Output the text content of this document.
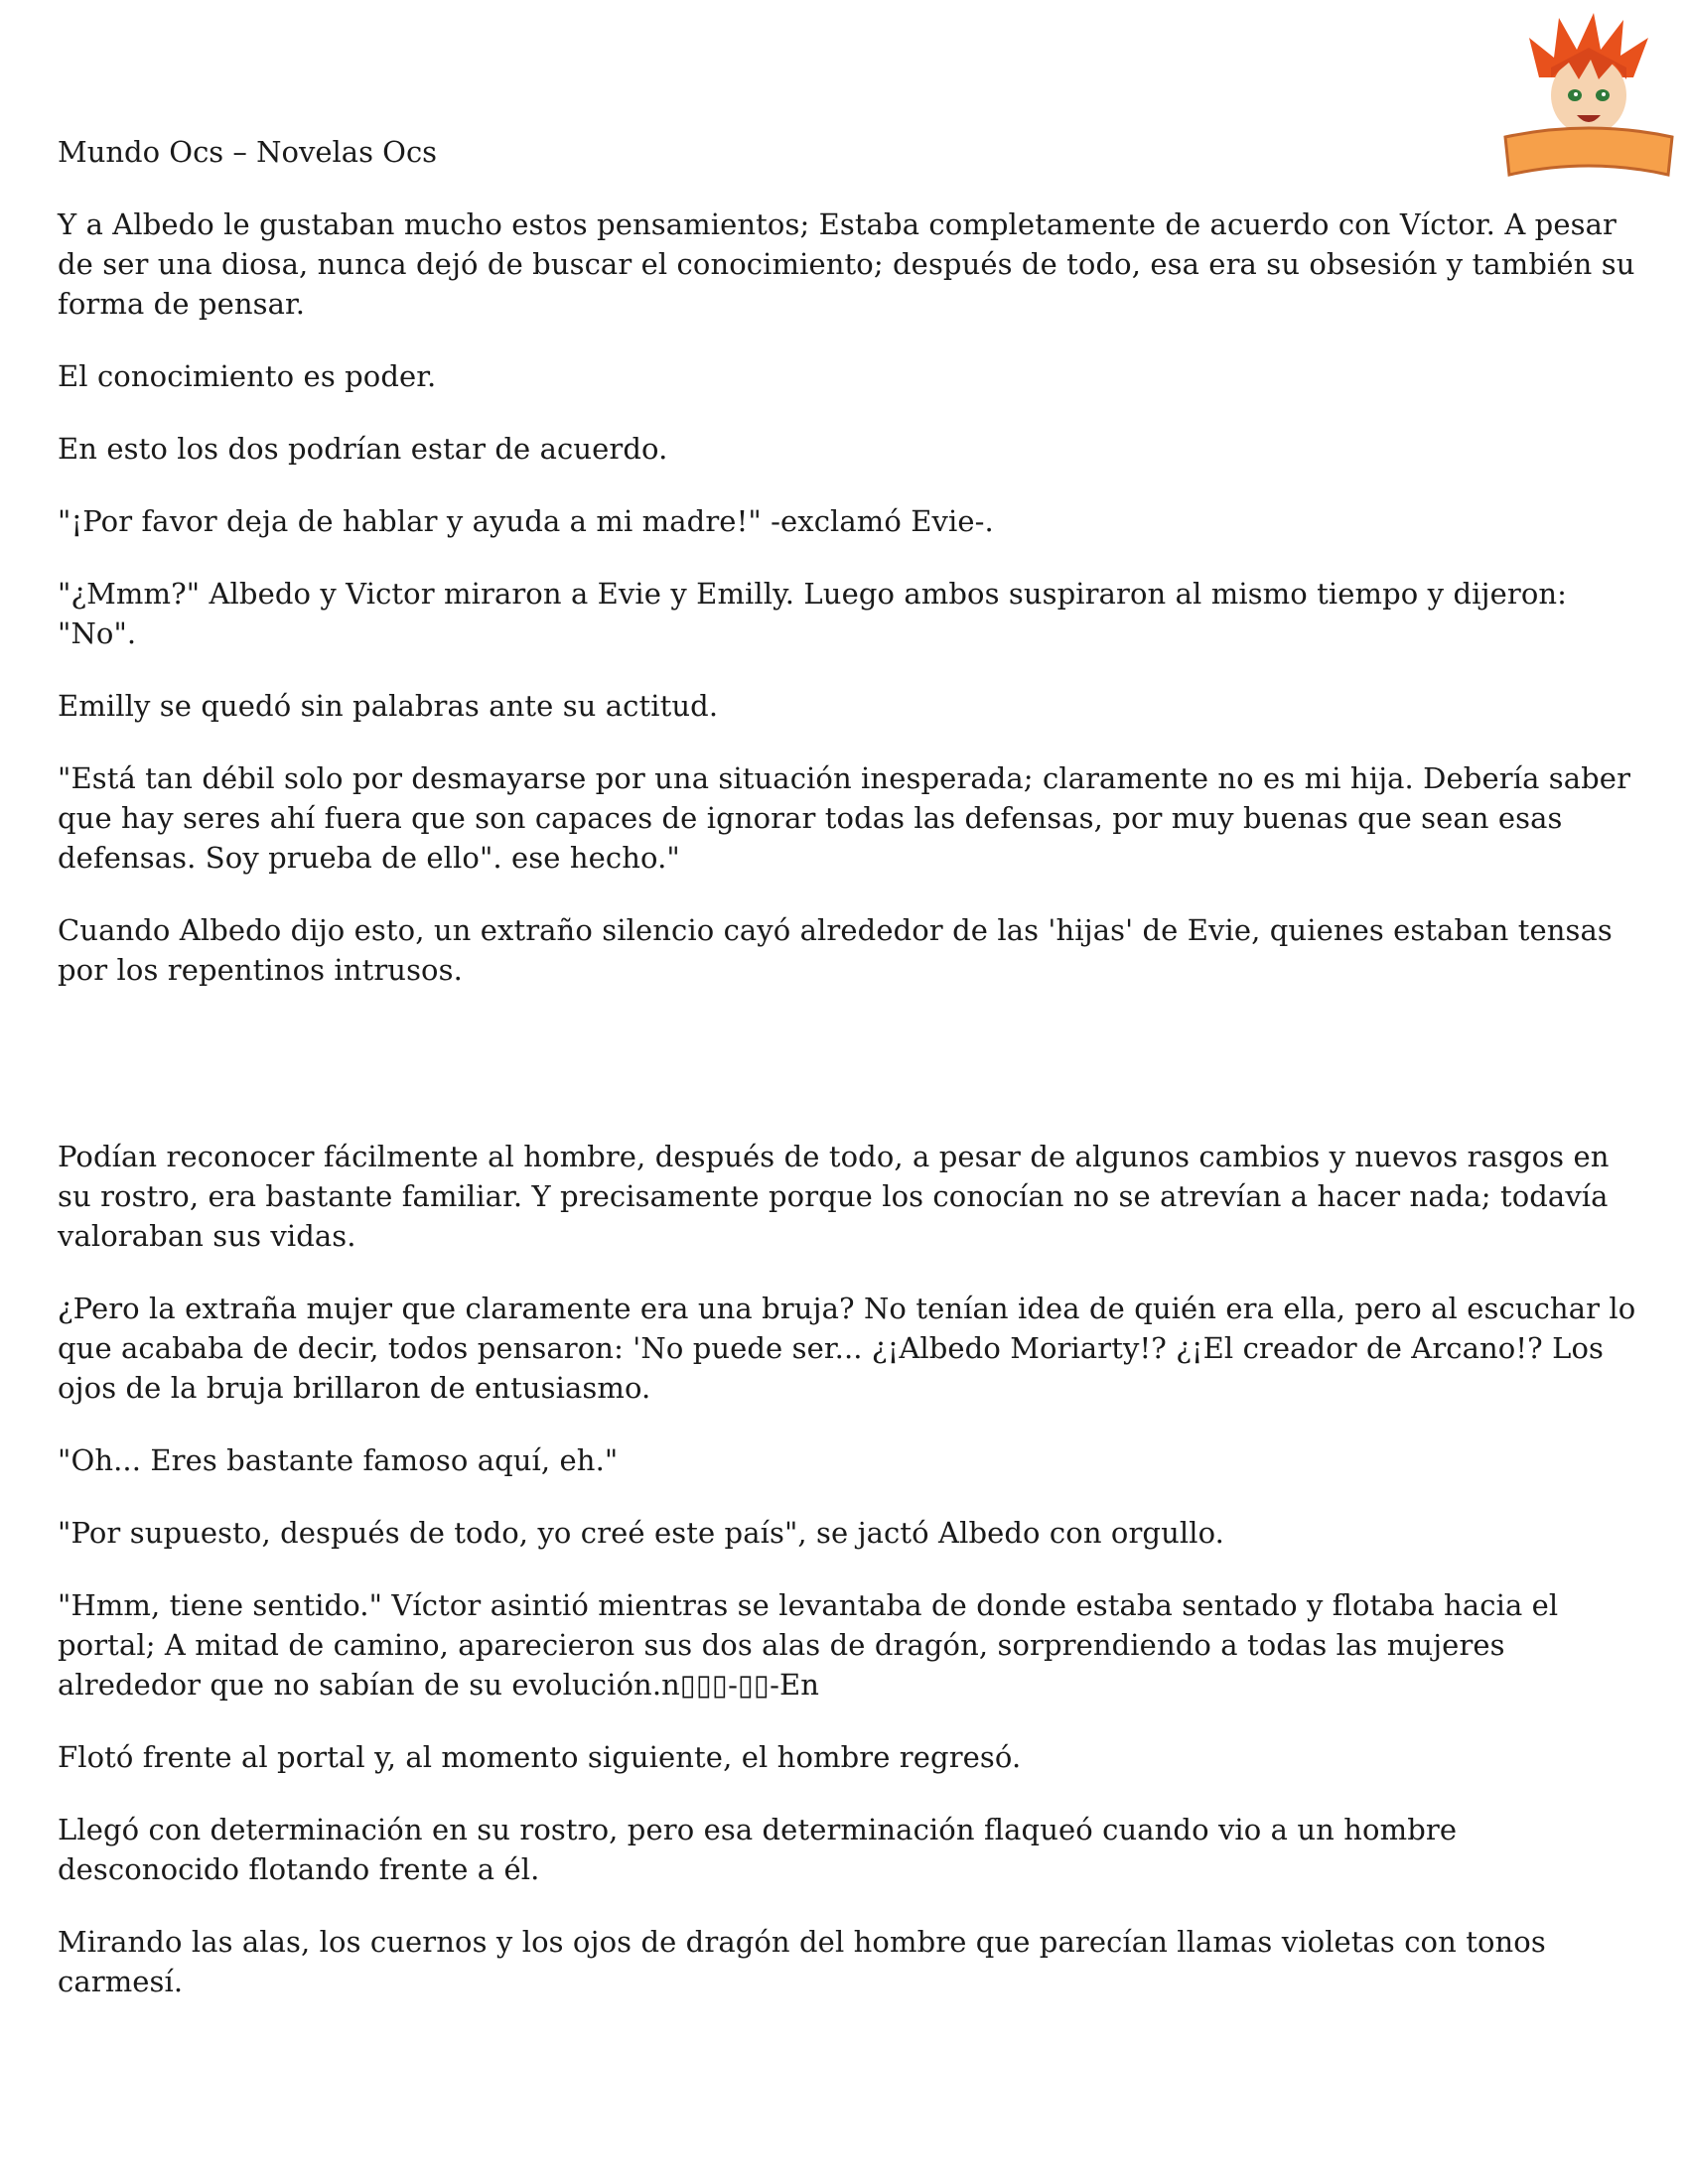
Mundo Ocs – Novelas Ocs

Y a Albedo le gustaban mucho estos pensamientos; Estaba completamente de acuerdo con Víctor. A pesar de ser una diosa, nunca dejó de buscar el conocimiento; después de todo, esa era su obsesión y también su forma de pensar.

El conocimiento es poder.

En esto los dos podrían estar de acuerdo.

"¡Por favor deja de hablar y ayuda a mi madre!" -exclamó Evie-.

"¿Mmm?" Albedo y Victor miraron a Evie y Emilly. Luego ambos suspiraron al mismo tiempo y dijeron: "No".

Emilly se quedó sin palabras ante su actitud.

"Está tan débil solo por desmayarse por una situación inesperada; claramente no es mi hija. Debería saber que hay seres ahí fuera que son capaces de ignorar todas las defensas, por muy buenas que sean esas defensas. Soy prueba de ello". ese hecho."

Cuando Albedo dijo esto, un extraño silencio cayó alrededor de las 'hijas' de Evie, quienes estaban tensas por los repentinos intrusos.

Podían reconocer fácilmente al hombre, después de todo, a pesar de algunos cambios y nuevos rasgos en su rostro, era bastante familiar. Y precisamente porque los conocían no se atrevían a hacer nada; todavía valoraban sus vidas.

¿Pero la extraña mujer que claramente era una bruja? No tenían idea de quién era ella, pero al escuchar lo que acababa de decir, todos pensaron: 'No puede ser... ¿¡Albedo Moriarty!? ¿¡El creador de Arcano!? Los ojos de la bruja brillaron de entusiasmo.

"Oh... Eres bastante famoso aquí, eh."

"Por supuesto, después de todo, yo creé este país", se jactó Albedo con orgullo.

"Hmm, tiene sentido." Víctor asintió mientras se levantaba de donde estaba sentado y flotaba hacia el portal; A mitad de camino, aparecieron sus dos alas de dragón, sorprendiendo a todas las mujeres alrededor que no sabían de su evolución.n▯▯▯-▯▯-En

Flotó frente al portal y, al momento siguiente, el hombre regresó.

Llegó con determinación en su rostro, pero esa determinación flaqueó cuando vio a un hombre desconocido flotando frente a él.

Mirando las alas, los cuernos y los ojos de dragón del hombre que parecían llamas violetas con tonos carmesí.
